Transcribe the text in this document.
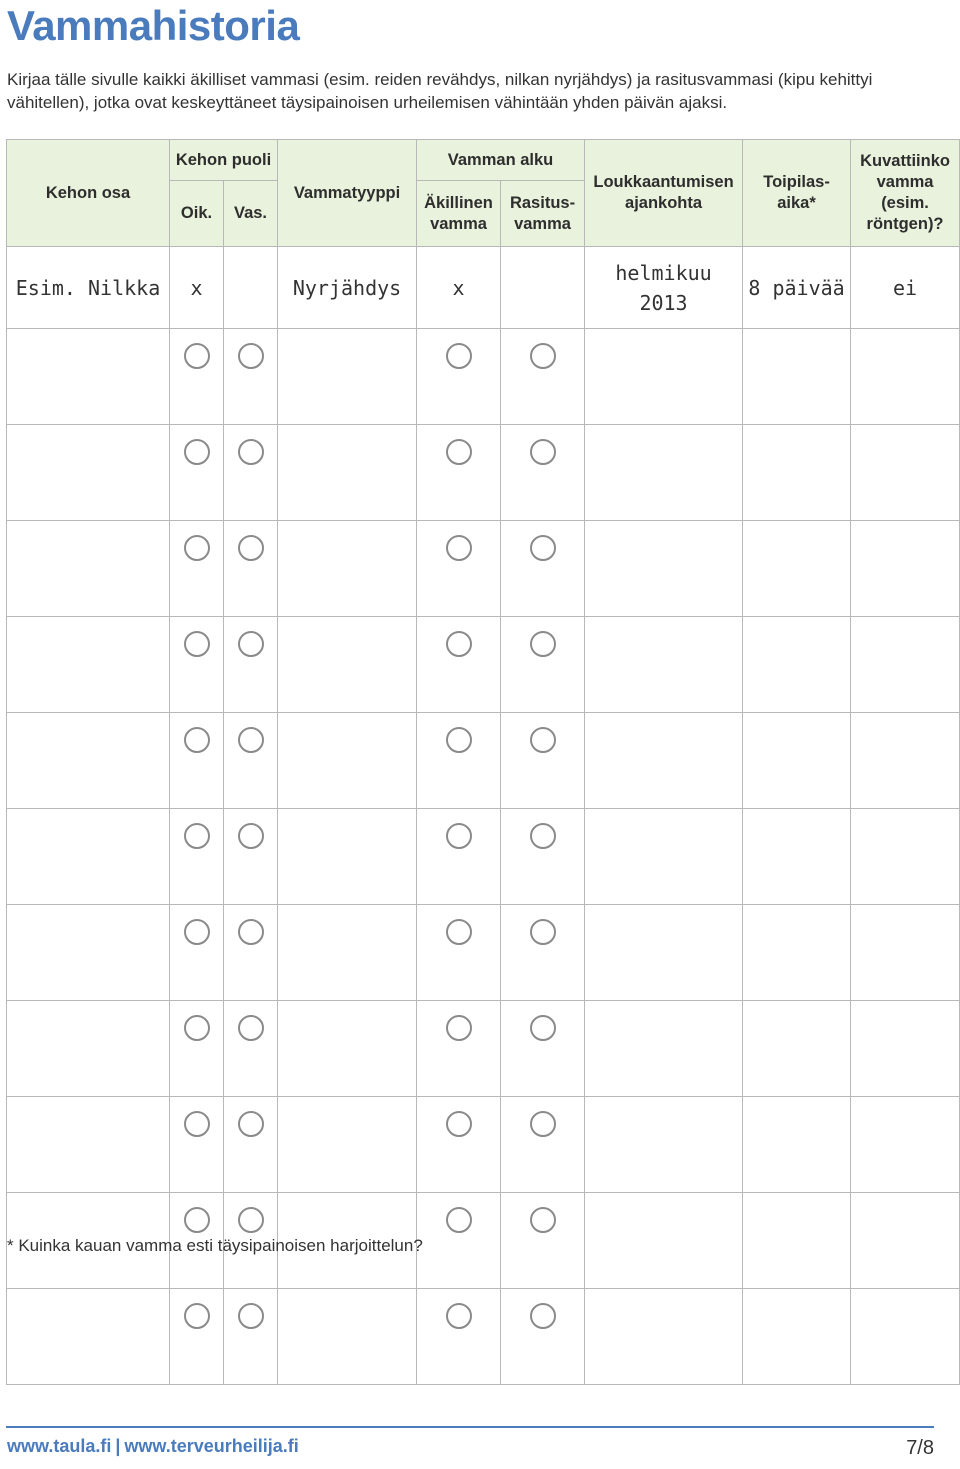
Vammahistoria

Kirjaa tälle sivulle kaikki äkilliset vammasi (esim. reiden revähdys, nilkan nyrjähdys) ja rasitusvammasi (kipu kehittyi vähitellen), jotka ovat keskeyttäneet täysipainoisen urheilemisen vähintään yhden päivän ajaksi.

Kehon osa	Kehon puoli		Vammatyyppi	Vamman alku		Loukkaantumisen ajankohta	Toipilas-aika*	Kuvattiinko vamma (esim. röntgen)?
	Oik.	Vas.		Äkillinen vamma	Rasitus-vamma			
Esim. Nilkka	x		Nyrjähdys	x		helmikuu 2013	8 päivää	ei

* Kuinka kauan vamma esti täysipainoisen harjoittelun?

www.taula.fi | www.terveurheilija.fi	7/8
